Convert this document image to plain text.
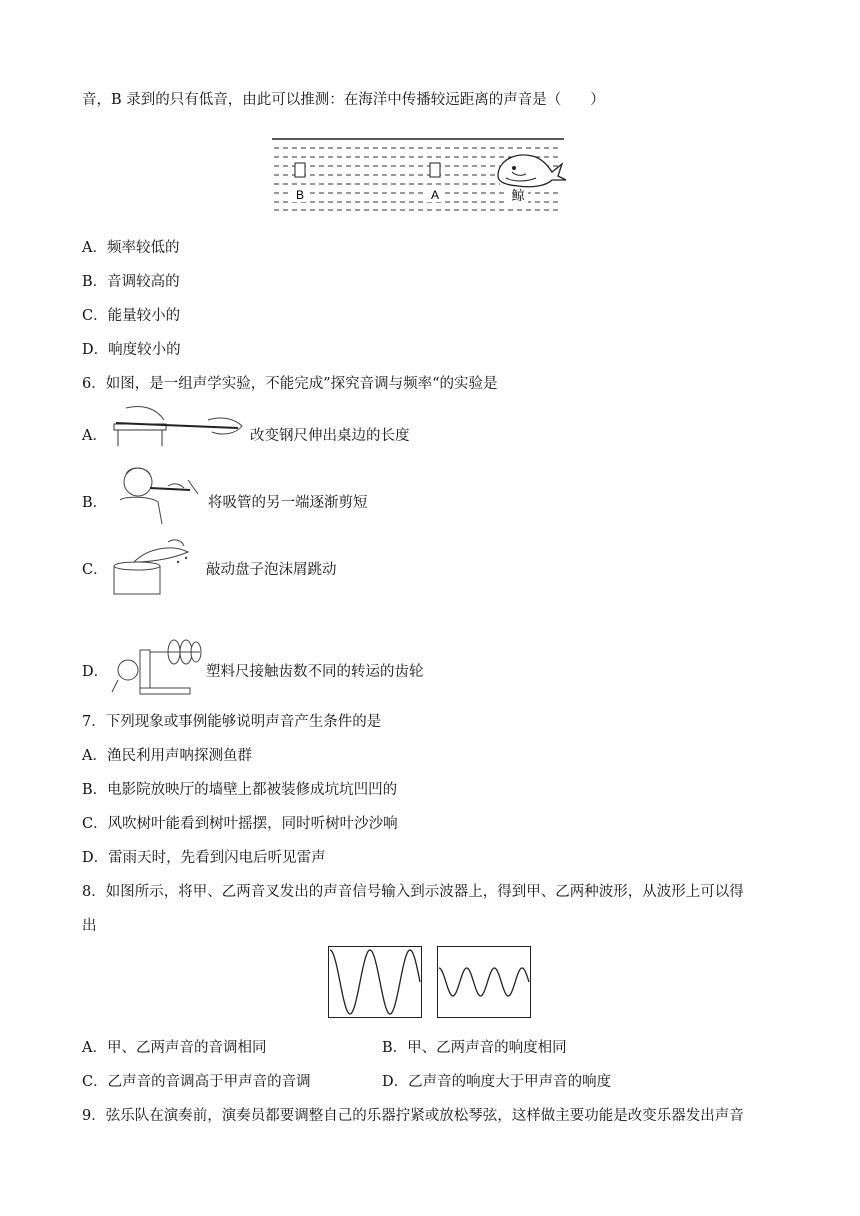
音，B 录到的只有低音，由此可以推测：在海洋中传播较远距离的声音是（　　）
B	A	鲸
A．频率较低的
B．音调较高的
C．能量较小的
D．响度较小的
6．如图，是一组声学实验，不能完成”探究音调与频率“的实验是
A．	改变钢尺伸出桌边的长度
B．	将吸管的另一端逐渐剪短
C．	敲动盘子泡沫屑跳动
D．	塑料尺接触齿数不同的转运的齿轮
7．下列现象或事例能够说明声音产生条件的是
A．渔民利用声呐探测鱼群
B．电影院放映厅的墙壁上都被装修成坑坑凹凹的
C．风吹树叶能看到树叶摇摆，同时听树叶沙沙响
D．雷雨天时，先看到闪电后听见雷声
8．如图所示，将甲、乙两音叉发出的声音信号输入到示波器上，得到甲、乙两种波形，从波形上可以得
出
A．甲、乙两声音的音调相同	B．甲、乙两声音的响度相同
C．乙声音的音调高于甲声音的音调	D．乙声音的响度大于甲声音的响度
9．弦乐队在演奏前，演奏员都要调整自己的乐器拧紧或放松琴弦，这样做主要功能是改变乐器发出声音
